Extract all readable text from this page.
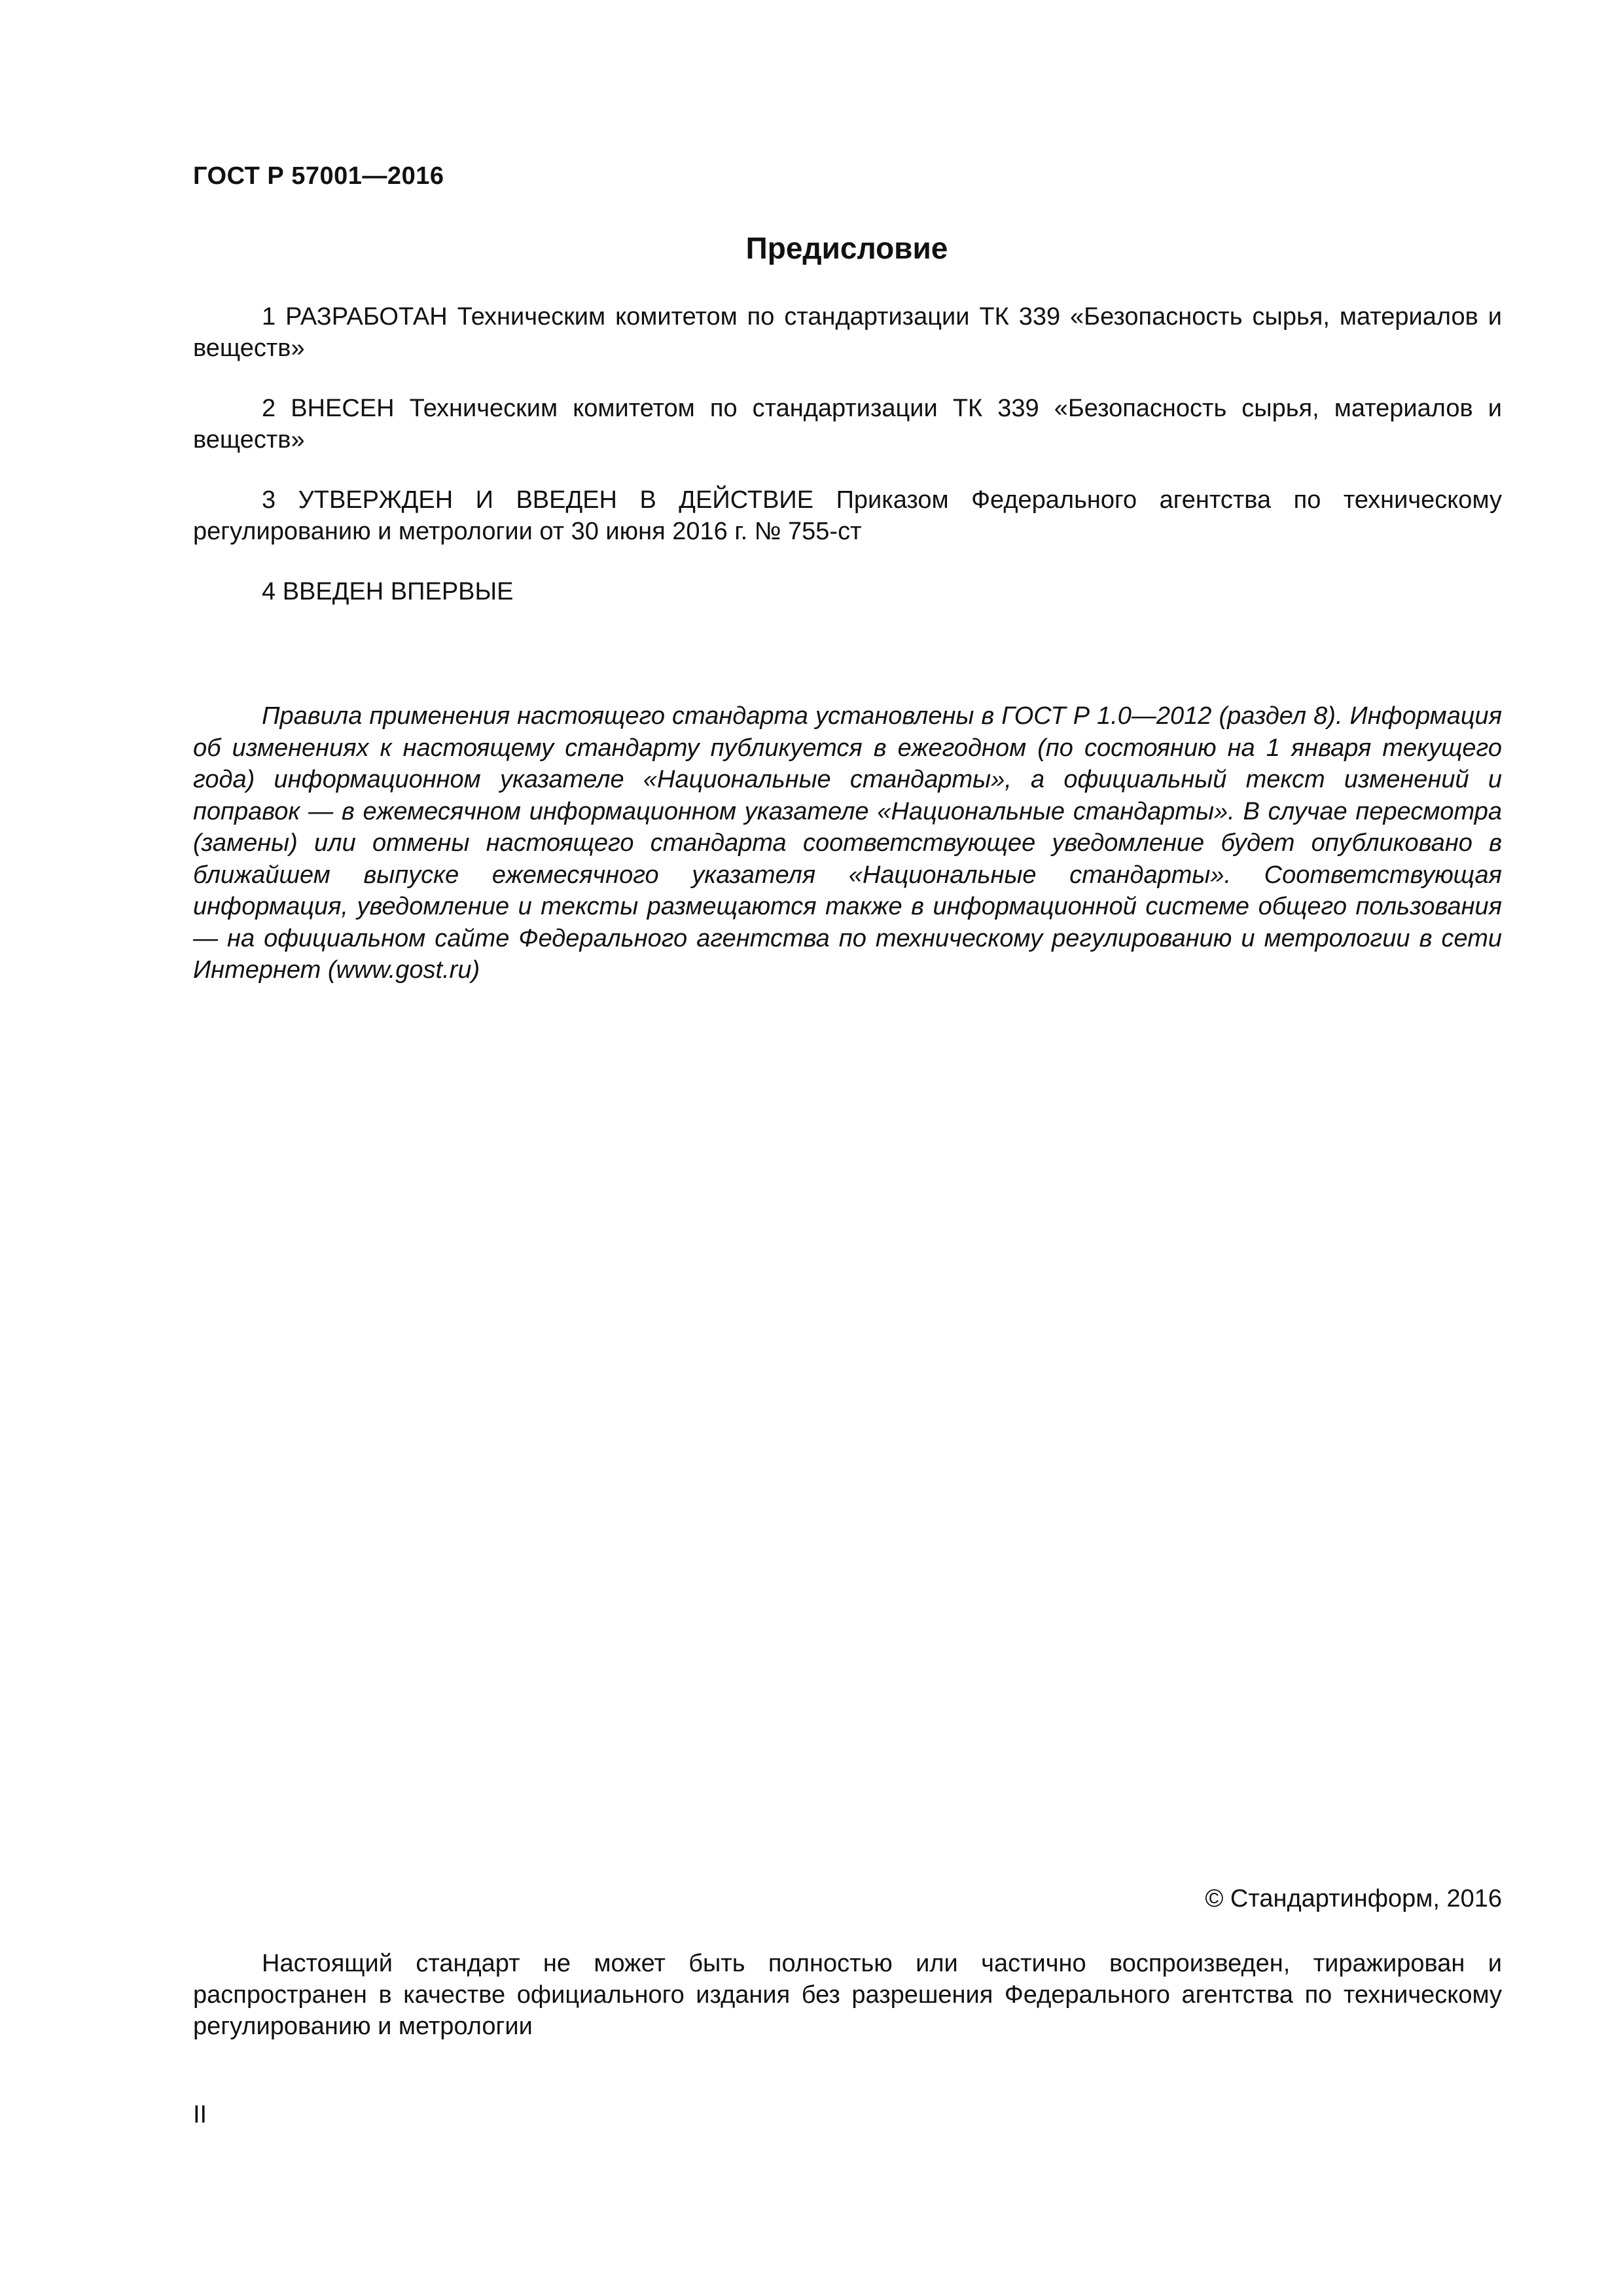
ГОСТ Р 57001—2016
Предисловие
1 РАЗРАБОТАН Техническим комитетом по стандартизации ТК 339 «Безопасность сырья, материалов и веществ»
2 ВНЕСЕН Техническим комитетом по стандартизации ТК 339 «Безопасность сырья, материалов и веществ»
3 УТВЕРЖДЕН И ВВЕДЕН В ДЕЙСТВИЕ Приказом Федерального агентства по техническому регулированию и метрологии от 30 июня 2016 г. № 755-ст
4 ВВЕДЕН ВПЕРВЫЕ
Правила применения настоящего стандарта установлены в ГОСТ Р 1.0—2012 (раздел 8). Информация об изменениях к настоящему стандарту публикуется в ежегодном (по состоянию на 1 января текущего года) информационном указателе «Национальные стандарты», а официальный текст изменений и поправок — в ежемесячном информационном указателе «Национальные стандарты». В случае пересмотра (замены) или отмены настоящего стандарта соответствующее уведомление будет опубликовано в ближайшем выпуске ежемесячного указателя «Национальные стандарты». Соответствующая информация, уведомление и тексты размещаются также в информационной системе общего пользования — на официальном сайте Федерального агентства по техническому регулированию и метрологии в сети Интернет (www.gost.ru)
© Стандартинформ, 2016
Настоящий стандарт не может быть полностью или частично воспроизведен, тиражирован и распространен в качестве официального издания без разрешения Федерального агентства по техническому регулированию и метрологии
II
